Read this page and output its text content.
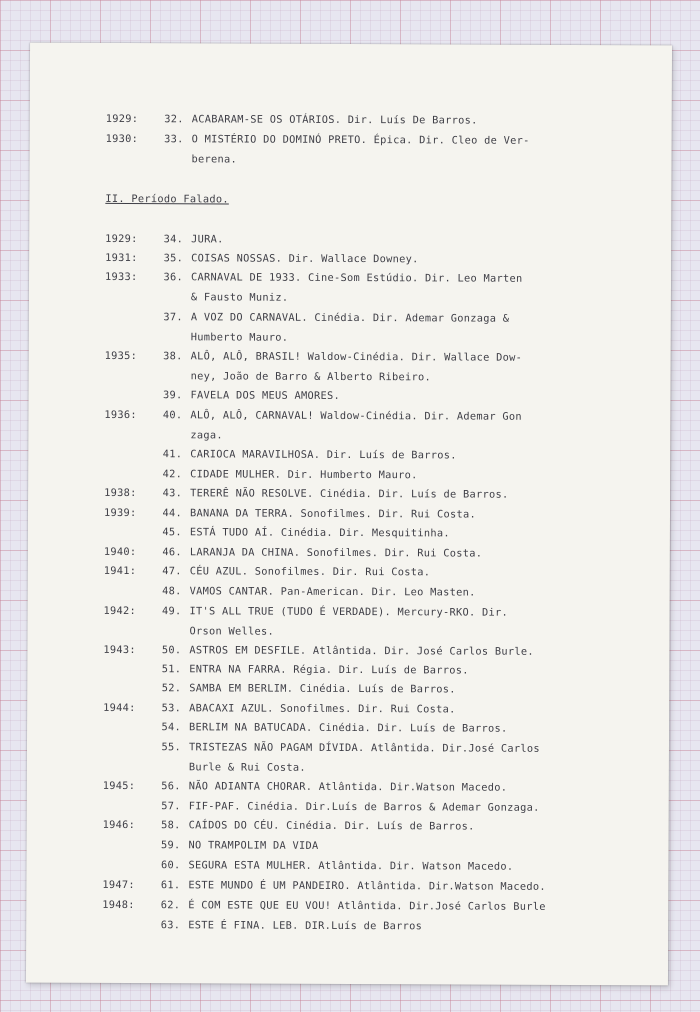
II. Período Falado.
1929:	32. ACABARAM-SE OS OTÁRIOS. Dir. Luís De Barros.
1930:	33. O MISTÉRIO DO DOMINÓ PRETO. Épica. Dir. Cleo de Ver-
berena.
1929:	34. JURA.
1931:	35. COISAS NOSSAS. Dir. Wallace Downey.
1933:	36. CARNAVAL DE 1933. Cine-Som Estúdio. Dir. Leo Marten
& Fausto Muniz.
37. A VOZ DO CARNAVAL. Cinédia. Dir. Ademar Gonzaga &
Humberto Mauro.
1935:	38. ALÔ, ALÔ, BRASIL! Waldow-Cinédia. Dir. Wallace Dow-
ney, João de Barro & Alberto Ribeiro.
39. FAVELA DOS MEUS AMORES.
1936:	40. ALÔ, ALÔ, CARNAVAL! Waldow-Cinédia. Dir. Ademar Gon
zaga.
41. CARIOCA MARAVILHOSA. Dir. Luís de Barros.
42. CIDADE MULHER. Dir. Humberto Mauro.
1938:	43. TERERÊ NÃO RESOLVE. Cinédia. Dir. Luís de Barros.
1939:	44. BANANA DA TERRA. Sonofilmes. Dir. Rui Costa.
45. ESTÁ TUDO AÍ. Cinédia. Dir. Mesquitinha.
1940:	46. LARANJA DA CHINA. Sonofilmes. Dir. Rui Costa.
1941:	47. CÉU AZUL. Sonofilmes. Dir. Rui Costa.
48. VAMOS CANTAR. Pan-American. Dir. Leo Masten.
1942:	49. IT'S ALL TRUE (TUDO É VERDADE). Mercury-RKO. Dir.
Orson Welles.
1943:	50. ASTROS EM DESFILE. Atlântida. Dir. José Carlos Burle.
51. ENTRA NA FARRA. Régia. Dir. Luís de Barros.
52. SAMBA EM BERLIM. Cinédia. Luís de Barros.
1944:	53. ABACAXI AZUL. Sonofilmes. Dir. Rui Costa.
54. BERLIM NA BATUCADA. Cinédia. Dir. Luís de Barros.
55. TRISTEZAS NÃO PAGAM DÍVIDA. Atlântida. Dir.José Carlos
Burle & Rui Costa.
1945:	56. NÃO ADIANTA CHORAR. Atlântida. Dir.Watson Macedo.
57. FIF-PAF. Cinédia. Dir.Luís de Barros & Ademar Gonzaga.
1946:	58. CAÍDOS DO CÉU. Cinédia. Dir. Luís de Barros.
59. NO TRAMPOLIM DA VIDA
60. SEGURA ESTA MULHER. Atlântida. Dir. Watson Macedo.
1947:	61. ESTE MUNDO É UM PANDEIRO. Atlântida. Dir.Watson Macedo.
1948:	62. É COM ESTE QUE EU VOU! Atlântida. Dir.José Carlos Burle
63. ESTE É FINA. LEB. DIR.Luís de Barros
